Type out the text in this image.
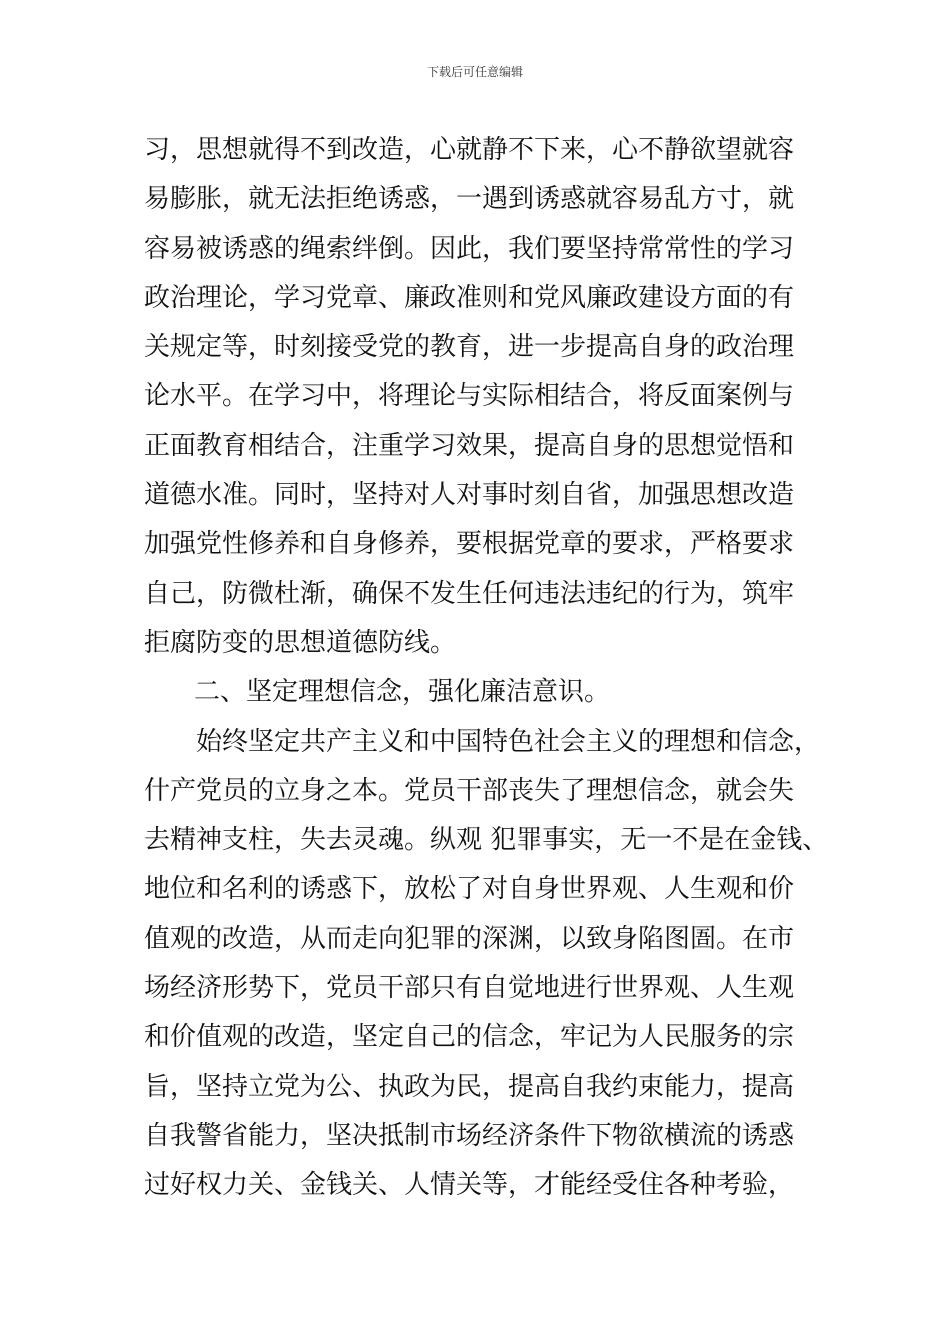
下载后可任意编辑
习，思想就得不到改造，心就静不下来，心不静欲望就容
易膨胀，就无法拒绝诱惑，一遇到诱惑就容易乱方寸，就
容易被诱惑的绳索绊倒。因此，我们要坚持常常性的学习
政治理论，学习党章、廉政准则和党风廉政建设方面的有
关规定等，时刻接受党的教育，进一步提高自身的政治理
论水平。在学习中，将理论与实际相结合，将反面案例与
正面教育相结合，注重学习效果，提高自身的思想觉悟和
道德水准。同时，坚持对人对事时刻自省，加强思想改造
加强党性修养和自身修养，要根据党章的要求，严格要求
自己，防微杜渐，确保不发生任何违法违纪的行为，筑牢
拒腐防变的思想道德防线。
二、坚定理想信念，强化廉洁意识。
始终坚定共产主义和中国特色社会主义的理想和信念，
什产党员的立身之本。党员干部丧失了理想信念，就会失
去精神支柱，失去灵魂。纵观 犯罪事实，无一不是在金钱、
地位和名利的诱惑下，放松了对自身世界观、人生观和价
值观的改造，从而走向犯罪的深渊，以致身陷图圄。在市
场经济形势下，党员干部只有自觉地进行世界观、人生观
和价值观的改造，坚定自己的信念，牢记为人民服务的宗
旨，坚持立党为公、执政为民，提高自我约束能力，提高
自我警省能力，坚决抵制市场经济条件下物欲横流的诱惑
过好权力关、金钱关、人情关等，才能经受住各种考验，
